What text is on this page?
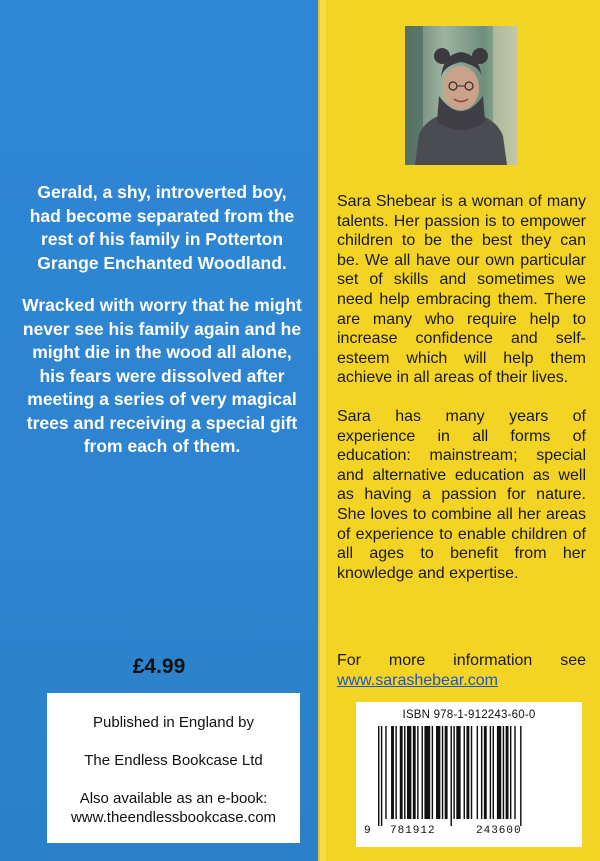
Gerald, a shy, introverted boy, had become separated from the rest of his family in Potterton Grange Enchanted Woodland.

Wracked with worry that he might never see his family again and he might die in the wood all alone, his fears were dissolved after meeting a series of very magical trees and receiving a special gift from each of them.

£4.99
Published in England by
The Endless Bookcase Ltd
Also available as an e-book:
www.theendlessbookcase.com

Sara Shebear is a woman of many talents. Her passion is to empower children to be the best they can be. We all have our own particular set of skills and sometimes we need help embracing them. There are many who require help to increase confidence and self-esteem which will help them achieve in all areas of their lives.

Sara has many years of experience in all forms of education: mainstream; special and alternative education as well as having a passion for nature. She loves to combine all her areas of experience to enable children of all ages to benefit from her knowledge and expertise.

For more information see
www.sarashebear.com
ISBN 978-1-912243-60-0
9 781912	243600
